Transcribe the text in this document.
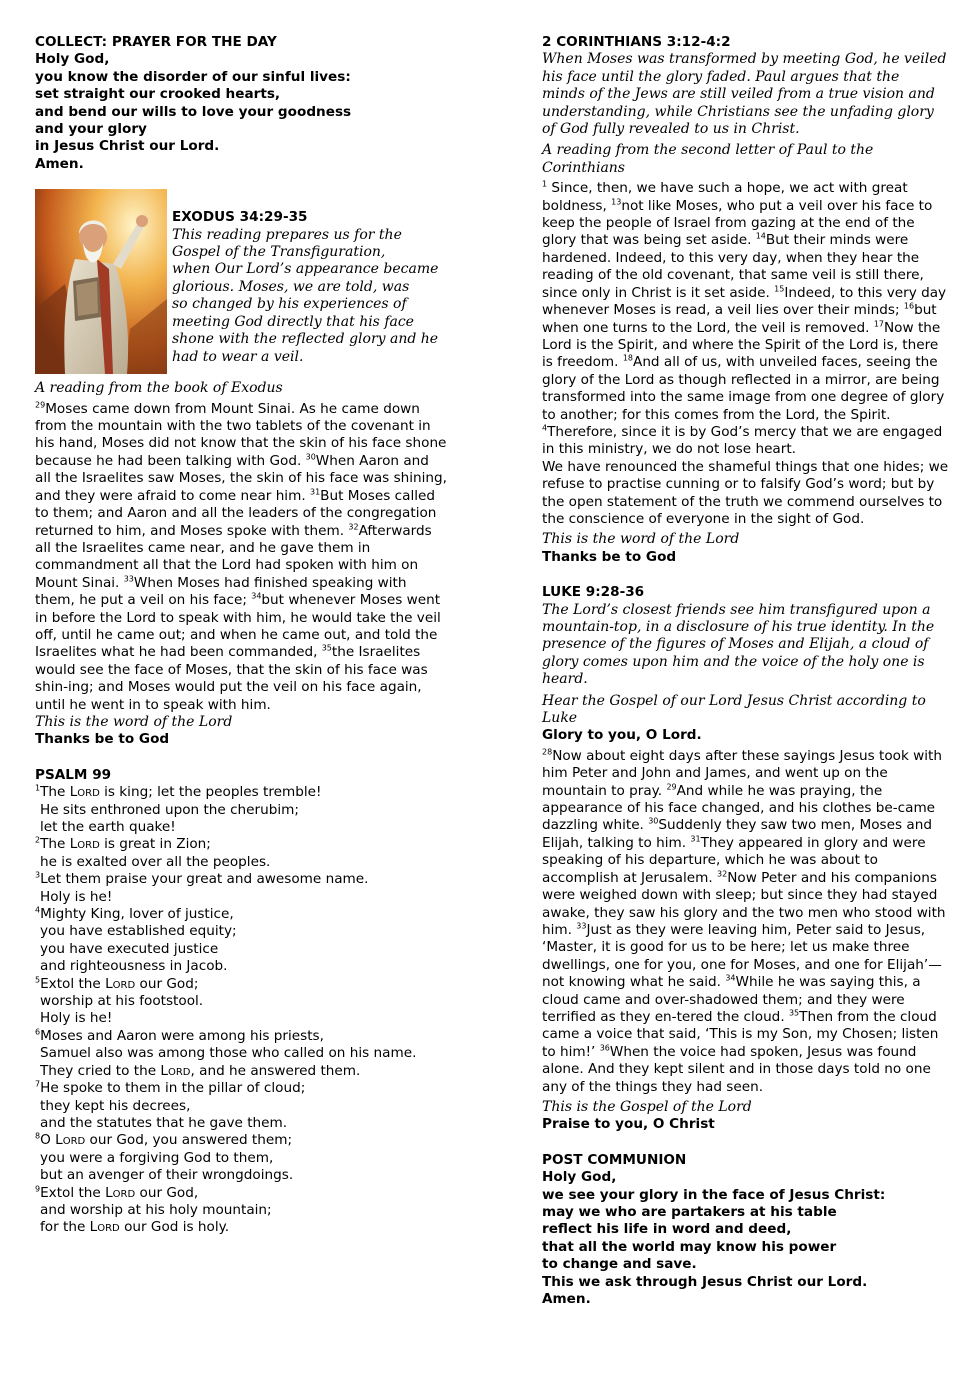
COLLECT: PRAYER FOR THE DAY
Holy God,
you know the disorder of our sinful lives:
set straight our crooked hearts,
and bend our wills to love your goodness
and your glory
in Jesus Christ our Lord.
Amen.
EXODUS 34:29-35
This reading prepares us for the
Gospel of the Transfiguration,
when Our Lord’s appearance became
glorious. Moses, we are told, was
so changed by his experiences of
meeting God directly that his face
shone with the reflected glory and he
had to wear a veil.
A reading from the book of Exodus
$^{29}$Moses came down from Mount Sinai. As he came down from the mountain with the two tablets of the covenant in his hand, Moses did not know that the skin of his face shone because he had been talking with God. $^{30}$When Aaron and all the Israelites saw Moses, the skin of his face was shining, and they were afraid to come near him. $^{31}$But Moses called to them; and Aaron and all the leaders of the congregation returned to him, and Moses spoke with them. $^{32}$Afterwards all the Israelites came near, and he gave them in commandment all that the Lord had spoken with him on Mount Sinai. $^{33}$When Moses had finished speaking with them, he put a veil on his face; $^{34}$but whenever Moses went in before the Lord to speak with him, he would take the veil off, until he came out; and when he came out, and told the Israelites what he had been commanded, $^{35}$the Israelites would see the face of Moses, that the skin of his face was shin-ing; and Moses would put the veil on his face again, until he went in to speak with him.
This is the word of the Lord
Thanks be to God
PSALM 99
$^1$The Lord is king; let the peoples tremble!
He sits enthroned upon the cherubim;
let the earth quake!
$^2$The Lord is great in Zion;
he is exalted over all the peoples.
$^3$Let them praise your great and awesome name.
Holy is he!
$^4$Mighty King, lover of justice,
you have established equity;
you have executed justice
and righteousness in Jacob.
$^5$Extol the Lord our God;
worship at his footstool.
Holy is he!
$^6$Moses and Aaron were among his priests,
Samuel also was among those who called on his name.
They cried to the Lord, and he answered them.
$^7$He spoke to them in the pillar of cloud;
they kept his decrees,
and the statutes that he gave them.
$^8$O Lord our God, you answered them;
you were a forgiving God to them,
but an avenger of their wrongdoings.
$^9$Extol the Lord our God,
and worship at his holy mountain;
for the Lord our God is holy.
2 CORINTHIANS 3:12-4:2
When Moses was transformed by meeting God, he veiled
his face until the glory faded. Paul argues that the
minds of the Jews are still veiled from a true vision and
understanding, while Christians see the unfading glory
of God fully revealed to us in Christ.
A reading from the second letter of Paul to the Corinthians
$^1$ Since, then, we have such a hope, we act with great boldness, $^{13}$not like Moses, who put a veil over his face to keep the people of Israel from gazing at the end of the glory that was being set aside. $^{14}$But their minds were hardened. Indeed, to this very day, when they hear the reading of the old covenant, that same veil is still there, since only in Christ is it set aside. $^{15}$Indeed, to this very day whenever Moses is read, a veil lies over their minds; $^{16}$but when one turns to the Lord, the veil is removed. $^{17}$Now the Lord is the Spirit, and where the Spirit of the Lord is, there is freedom. $^{18}$And all of us, with unveiled faces, seeing the glory of the Lord as though reflected in a mirror, are being transformed into the same image from one degree of glory to another; for this comes from the Lord, the Spirit.
$^4$Therefore, since it is by God’s mercy that we are engaged in this ministry, we do not lose heart.
We have renounced the shameful things that one hides; we refuse to practise cunning or to falsify God’s word; but by the open statement of the truth we commend ourselves to the conscience of everyone in the sight of God.
This is the word of the Lord
Thanks be to God
LUKE 9:28-36
The Lord’s closest friends see him transfigured upon a
mountain-top, in a disclosure of his true identity. In the
presence of the figures of Moses and Elijah, a cloud of
glory comes upon him and the voice of the holy one is
heard.
Hear the Gospel of our Lord Jesus Christ according to
Luke
Glory to you, O Lord.
$^{28}$Now about eight days after these sayings Jesus took with him Peter and John and James, and went up on the mountain to pray. $^{29}$And while he was praying, the appearance of his face changed, and his clothes be-came dazzling white. $^{30}$Suddenly they saw two men, Moses and Elijah, talking to him. $^{31}$They appeared in glory and were speaking of his departure, which he was about to accomplish at Jerusalem. $^{32}$Now Peter and his companions were weighed down with sleep; but since they had stayed awake, they saw his glory and the two men who stood with him. $^{33}$Just as they were leaving him, Peter said to Jesus, ‘Master, it is good for us to be here; let us make three dwellings, one for you, one for Moses, and one for Elijah’—not knowing what he said. $^{34}$While he was saying this, a cloud came and over-shadowed them; and they were terrified as they en-tered the cloud. $^{35}$Then from the cloud came a voice that said, ‘This is my Son, my Chosen; listen to him!’ $^{36}$When the voice had spoken, Jesus was found alone. And they kept silent and in those days told no one any of the things they had seen.
This is the Gospel of the Lord
Praise to you, O Christ
POST COMMUNION
Holy God,
we see your glory in the face of Jesus Christ:
may we who are partakers at his table
reflect his life in word and deed,
that all the world may know his power
to change and save.
This we ask through Jesus Christ our Lord.
Amen.
